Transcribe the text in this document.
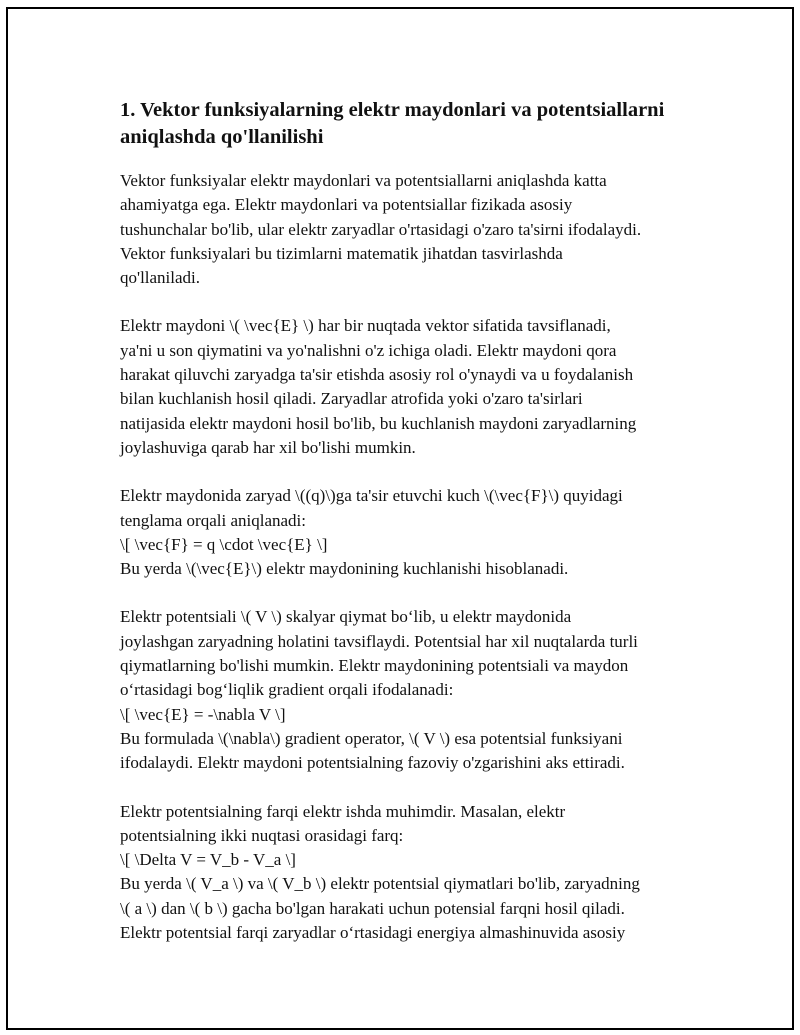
1. Vektor funksiyalarning elektr maydonlari va potentsiallarni
aniqlashda qo'llanilishi

Vektor funksiyalar elektr maydonlari va potentsiallarni aniqlashda katta
ahamiyatga ega. Elektr maydonlari va potentsiallar fizikada asosiy
tushunchalar bo'lib, ular elektr zaryadlar o'rtasidagi o'zaro ta'sirni ifodalaydi.
Vektor funksiyalari bu tizimlarni matematik jihatdan tasvirlashda
qo'llaniladi.

Elektr maydoni \( \vec{E} \) har bir nuqtada vektor sifatida tavsiflanadi,
ya'ni u son qiymatini va yo'nalishni o'z ichiga oladi. Elektr maydoni qora
harakat qiluvchi zaryadga ta'sir etishda asosiy rol o'ynaydi va u foydalanish
bilan kuchlanish hosil qiladi. Zaryadlar atrofida yoki o'zaro ta'sirlari
natijasida elektr maydoni hosil bo'lib, bu kuchlanish maydoni zaryadlarning
joylashuviga qarab har xil bo'lishi mumkin.

Elektr maydonida zaryad \((q)\)ga ta'sir etuvchi kuch \(\vec{F}\) quyidagi
tenglama orqali aniqlanadi:
\[ \vec{F} = q \cdot \vec{E} \]
Bu yerda \(\vec{E}\) elektr maydonining kuchlanishi hisoblanadi.

Elektr potentsiali \( V \) skalyar qiymat bo‘lib, u elektr maydonida
joylashgan zaryadning holatini tavsiflaydi. Potentsial har xil nuqtalarda turli
qiymatlarning bo'lishi mumkin. Elektr maydonining potentsiali va maydon
o‘rtasidagi bog‘liqlik gradient orqali ifodalanadi:
\[ \vec{E} = -\nabla V \]
Bu formulada \(\nabla\) gradient operator, \( V \) esa potentsial funksiyani
ifodalaydi. Elektr maydoni potentsialning fazoviy o'zgarishini aks ettiradi.

Elektr potentsialning farqi elektr ishda muhimdir. Masalan, elektr
potentsialning ikki nuqtasi orasidagi farq:
\[ \Delta V = V_b - V_a \]
Bu yerda \( V_a \) va \( V_b \) elektr potentsial qiymatlari bo'lib, zaryadning
\( a \) dan \( b \) gacha bo'lgan harakati uchun potensial farqni hosil qiladi.
Elektr potentsial farqi zaryadlar o‘rtasidagi energiya almashinuvida asosiy
